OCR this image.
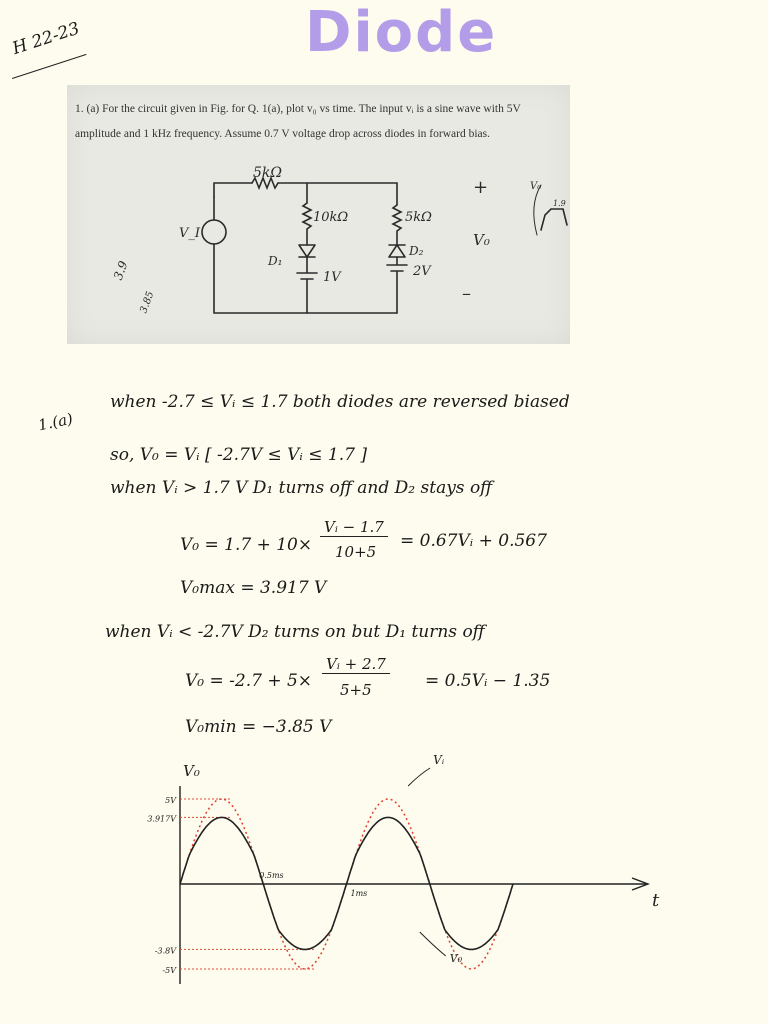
Diode
H 22-23
1. (a) For the circuit given in Fig. for Q. 1(a), plot v₀ vs time. The input vᵢ is a sine wave with 5V amplitude and 1 kHz frequency. Assume 0.7 V voltage drop across diodes in forward bias.
5kΩ
10kΩ	5kΩ
V_I
D₁
D₂
1V	2V
+
V₀
–
3.9
3.85
V₀
1.9
1.(a)
when -2.7 ≤ Vᵢ ≤ 1.7 both diodes are reversed biased
so, V₀ = Vᵢ [ -2.7V ≤ Vᵢ ≤ 1.7 ]
when Vᵢ > 1.7 V D₁ turns off and D₂ stays off
V₀ = 1.7 + 10×
Vᵢ − 1.7
10+5
= 0.67Vᵢ + 0.567
V₀max = 3.917 V
when Vᵢ < -2.7V D₂ turns on but D₁ turns off
V₀ = -2.7 + 5×
Vᵢ + 2.7
5+5	= 0.5Vᵢ − 1.35
V₀min = −3.85 V
V₀
t
5V
3.917V
-3.8V
-5V
0.5ms
1ms
Vᵢ
V₀
